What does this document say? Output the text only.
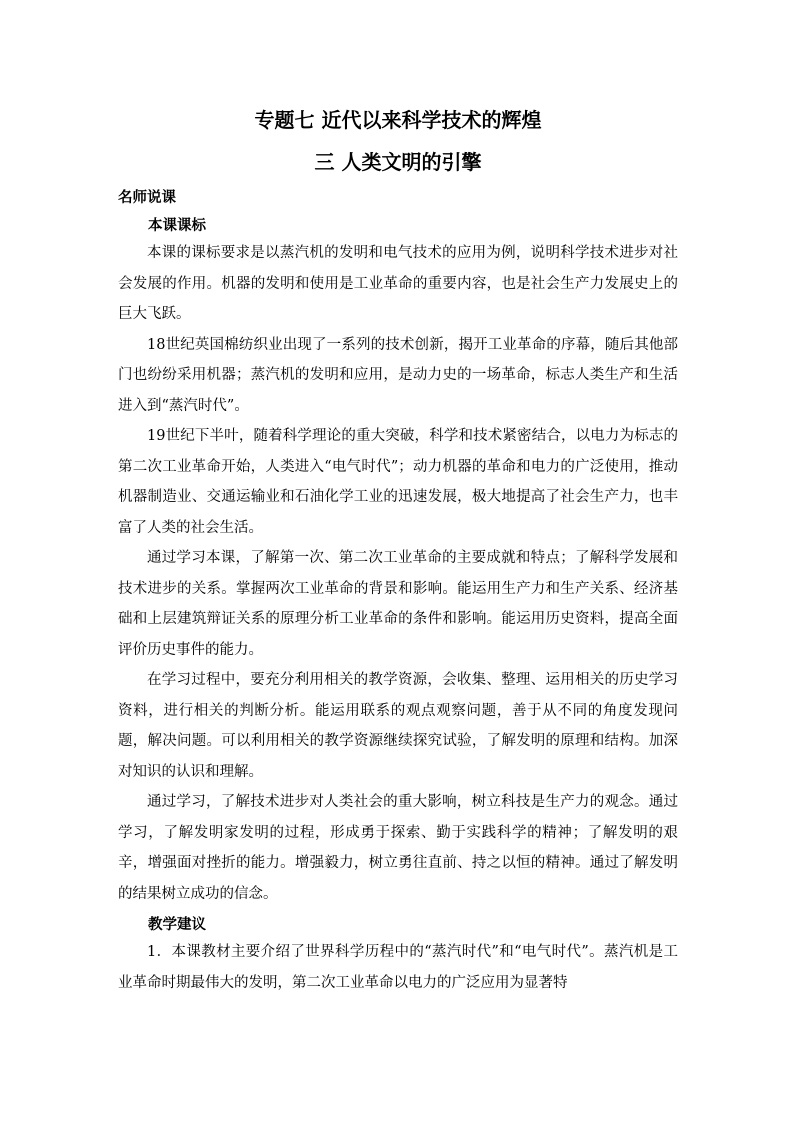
专题七 近代以来科学技术的辉煌
三 人类文明的引擎
名师说课
本课课标

本课的课标要求是以蒸汽机的发明和电气技术的应用为例，说明科学技术进步对社会发展的作用。机器的发明和使用是工业革命的重要内容，也是社会生产力发展史上的巨大飞跃。

18世纪英国棉纺织业出现了一系列的技术创新，揭开工业革命的序幕，随后其他部门也纷纷采用机器；蒸汽机的发明和应用，是动力史的一场革命，标志人类生产和生活进入到“蒸汽时代”。

19世纪下半叶，随着科学理论的重大突破，科学和技术紧密结合，以电力为标志的第二次工业革命开始，人类进入“电气时代”；动力机器的革命和电力的广泛使用，推动机器制造业、交通运输业和石油化学工业的迅速发展，极大地提高了社会生产力，也丰富了人类的社会生活。

通过学习本课，了解第一次、第二次工业革命的主要成就和特点；了解科学发展和技术进步的关系。掌握两次工业革命的背景和影响。能运用生产力和生产关系、经济基础和上层建筑辩证关系的原理分析工业革命的条件和影响。能运用历史资料，提高全面评价历史事件的能力。

在学习过程中，要充分利用相关的教学资源，会收集、整理、运用相关的历史学习资料，进行相关的判断分析。能运用联系的观点观察问题，善于从不同的角度发现问题，解决问题。可以利用相关的教学资源继续探究试验，了解发明的原理和结构。加深对知识的认识和理解。

通过学习，了解技术进步对人类社会的重大影响，树立科技是生产力的观念。通过学习，了解发明家发明的过程，形成勇于探索、勤于实践科学的精神；了解发明的艰辛，增强面对挫折的能力。增强毅力，树立勇往直前、持之以恒的精神。通过了解发明的结果树立成功的信念。

教学建议

1．本课教材主要介绍了世界科学历程中的“蒸汽时代”和“电气时代”。蒸汽机是工业革命时期最伟大的发明，第二次工业革命以电力的广泛应用为显著特
